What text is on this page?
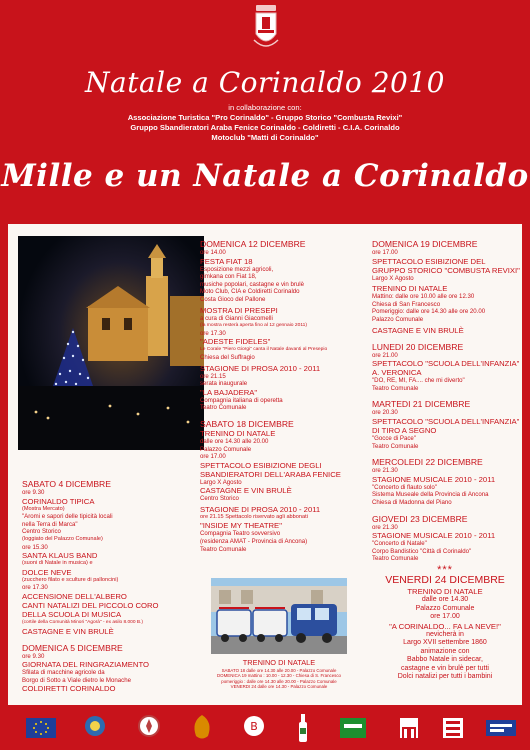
Natale a Corinaldo 2010
in collaborazione con:
Associazione Turistica "Pro Corinaldo" - Gruppo Storico "Combusta Revixi"
Gruppo Sbandieratori Araba Fenice Corinaldo - Coldiretti - C.I.A. Corinaldo
Motoclub "Matti di Corinaldo"
Mille e un Natale a Corinaldo
SABATO 4 DICEMBRE
ore 9.30
CORINALDO TIPICA
(Mostra Mercato)
"Aromi e sapori delle tipicità locali
nella Terra di Marca"
Centro Storico
(loggiato del Palazzo Comunale)
ore 15.30
SANTA KLAUS BAND
(suoni di Natale in musica) e
DOLCE NEVE
(zucchero filato e sculture di palloncini)
ore 17.30
ACCENSIONE DELL'ALBERO
CANTI NATALIZI DEL PICCOLO CORO
DELLA SCUOLA DI MUSICA
(cortile della Comunità Minori "Agorà" - ex asilo 8.000 B.)
CASTAGNE E VIN BRULÈ
DOMENICA 5 DICEMBRE
ore 9.30
GIORNATA DEL RINGRAZIAMENTO
Sfilata di macchine agricole da
Borgo di Sotto a Viale dietro le Monache
COLDIRETTI CORINALDO
DOMENICA 12 DICEMBRE
ore 14.00
FESTA FIAT 18
Esposizione mezzi agricoli,
gimkana con Fiat 18,
musiche popolari, castagne e vin brulè
Moto Club, CIA e Coldiretti Corinaldo
Costa Gioco del Pallone
MOSTRA DI PRESEPI
a cura di Gianni Giacomelli
(la mostra resterà aperta fino al 12 gennaio 2011)
ore 17.30
"ADESTE FIDELES"
Le Corale "Piero Giorgi" canta il Natale davanti al Presepio
Chiesa del Suffragio
STAGIONE DI PROSA 2010 - 2011
ore 21.15
serata inaugurale
"LA BAJADERA"
Compagnia italiana di operetta
Teatro Comunale
SABATO 18 DICEMBRE
TRENINO DI NATALE
dalle ore 14.30 alle 20.00
Palazzo Comunale
ore 17.00
SPETTACOLO ESIBIZIONE DEGLI
SBANDIERATORI DELL'ARABA FENICE
Largo X Agosto
CASTAGNE E VIN BRULÈ
Centro Storico
STAGIONE DI PROSA 2010 - 2011
ore 21.15 Spettacolo riservato agli abbonati
"INSIDE MY THEATRE"
Compagnia Teatro sovversivo
(residenza AMAT - Provincia di Ancona)
Teatro Comunale
TRENINO DI NATALE
SABATO 18 dalle ore 14.30 alle 20.00 - Palazzo Comunale
DOMENICA 19 mattino : 10.00 - 12.30 - Chiesa di S. Francesco
pomeriggio : dalle ore 14.30 alle 20.00 - Palazzo Comunale
VENERDI 24 dalle ore 14.30 - Palazzo Comunale
DOMENICA 19 DICEMBRE
ore 17.00
SPETTACOLO ESIBIZIONE DEL
GRUPPO STORICO "COMBUSTA REVIXI"
Largo X Agosto
TRENINO DI NATALE
Mattino: dalle ore 10.00 alle ore 12.30
Chiesa di San Francesco
Pomeriggio: dalle ore 14.30 alle ore 20.00
Palazzo Comunale
CASTAGNE E VIN BRULÈ
LUNEDI 20 DICEMBRE
ore 21.00
SPETTACOLO "SCUOLA DELL'INFANZIA"
A. VERONICA
"DO, RE, MI, FA.... che mi diverto"
Teatro Comunale
MARTEDI 21 DICEMBRE
ore 20.30
SPETTACOLO "SCUOLA DELL'INFANZIA"
DI TIRO A SEGNO
"Gocce di Pace"
Teatro Comunale
MERCOLEDI 22 DICEMBRE
ore 21.30
STAGIONE MUSICALE 2010 - 2011
"Concerto di flauto solo"
Sistema Museale della Provincia di Ancona
Chiesa di Madonna del Piano
GIOVEDI 23 DICEMBRE
ore 21.30
STAGIONE MUSICALE 2010 - 2011
"Concerto di Natale"
Corpo Bandistico "Città di Corinaldo"
Teatro Comunale
***
VENERDI 24 DICEMBRE
TRENINO DI NATALE
dalle ore 14.30
Palazzo Comunale
ore 17.00
"A CORINALDO... FA LA NEVE!"
nevicherà in
Largo XVII settembre 1860
animazione con
Babbo Natale in sidecar,
castagne e vin brulè per tutti
Dolci natalizi per tutti i bambini
B
